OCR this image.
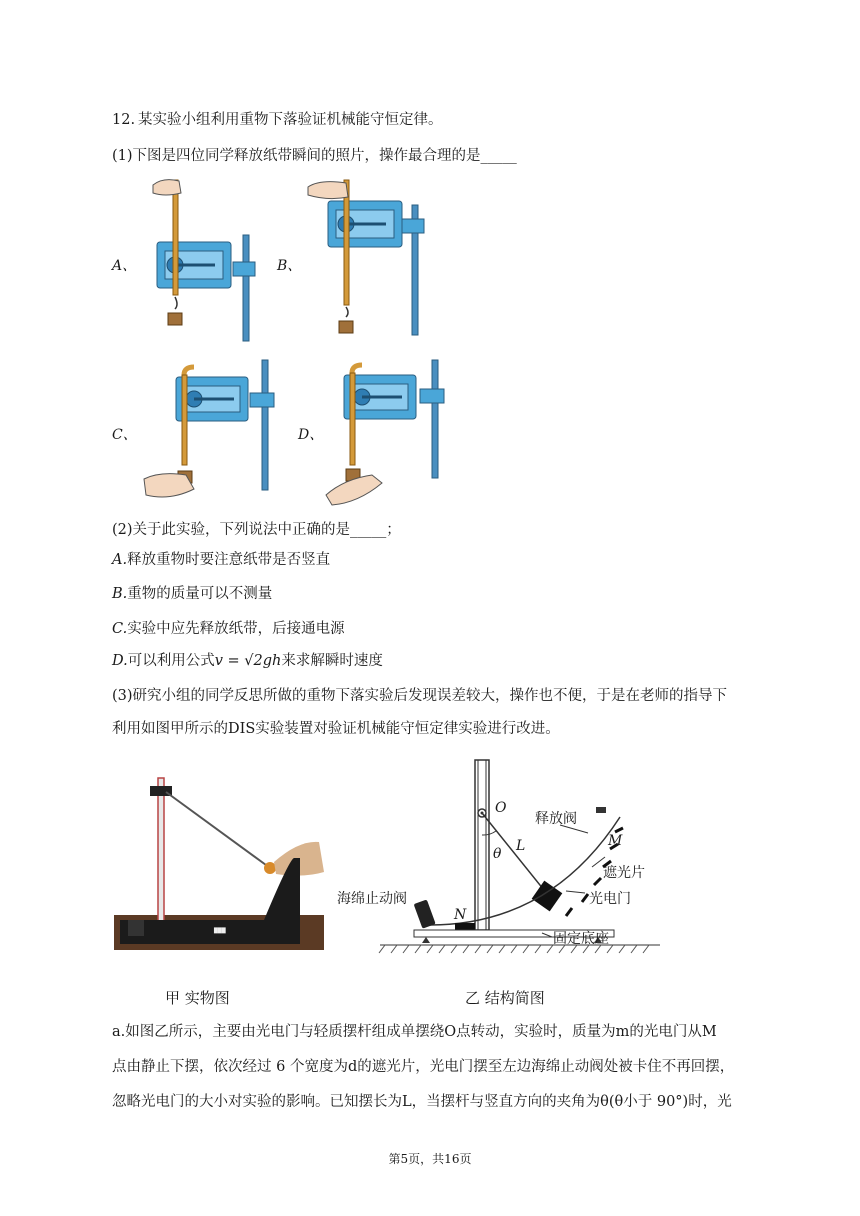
12. 某实验小组利用重物下落验证机械能守恒定律。
(1)下图是四位同学释放纸带瞬间的照片，操作最合理的是_____
A、	B、
C、	D、
(2)关于此实验，下列说法中正确的是_____；
A.释放重物时要注意纸带是否竖直
B.重物的质量可以不测量
C.实验中应先释放纸带，后接通电源
D.可以利用公式v = √2gh来求解瞬时速度
(3)研究小组的同学反思所做的重物下落实验后发现误差较大，操作也不便，于是在老师的指导下
利用如图甲所示的DIS实验装置对验证机械能守恒定律实验进行改进。
███
O
θ L	M
N
释放阀
遮光片
光电门
海绵止动阀
固定底座
甲 实物图	乙 结构简图
a.如图乙所示，主要由光电门与轻质摆杆组成单摆绕O点转动，实验时，质量为m的光电门从M
点由静止下摆，依次经过 6 个宽度为d的遮光片，光电门摆至左边海绵止动阀处被卡住不再回摆，
忽略光电门的大小对实验的影响。已知摆长为L，当摆杆与竖直方向的夹角为θ(θ小于 90°)时，光
第5页，共16页
